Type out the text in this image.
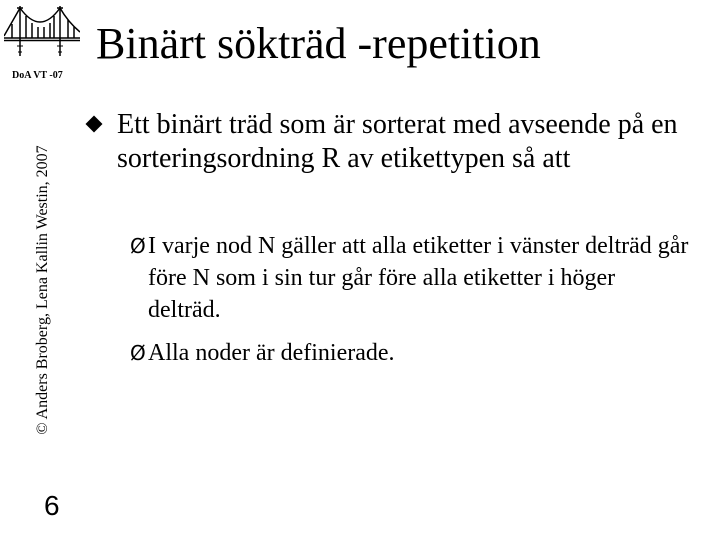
DoA VT -07
© Anders Broberg, Lena Kallin Westin, 2007
6
Binärt sökträd -repetition
Ett binärt träd som är sorterat med avseende på en sorteringsordning R av etikettypen så att
Ø I varje nod N gäller att alla etiketter i vänster delträd går före N som i sin tur går före alla etiketter i höger delträd.
Ø Alla noder är definierade.
